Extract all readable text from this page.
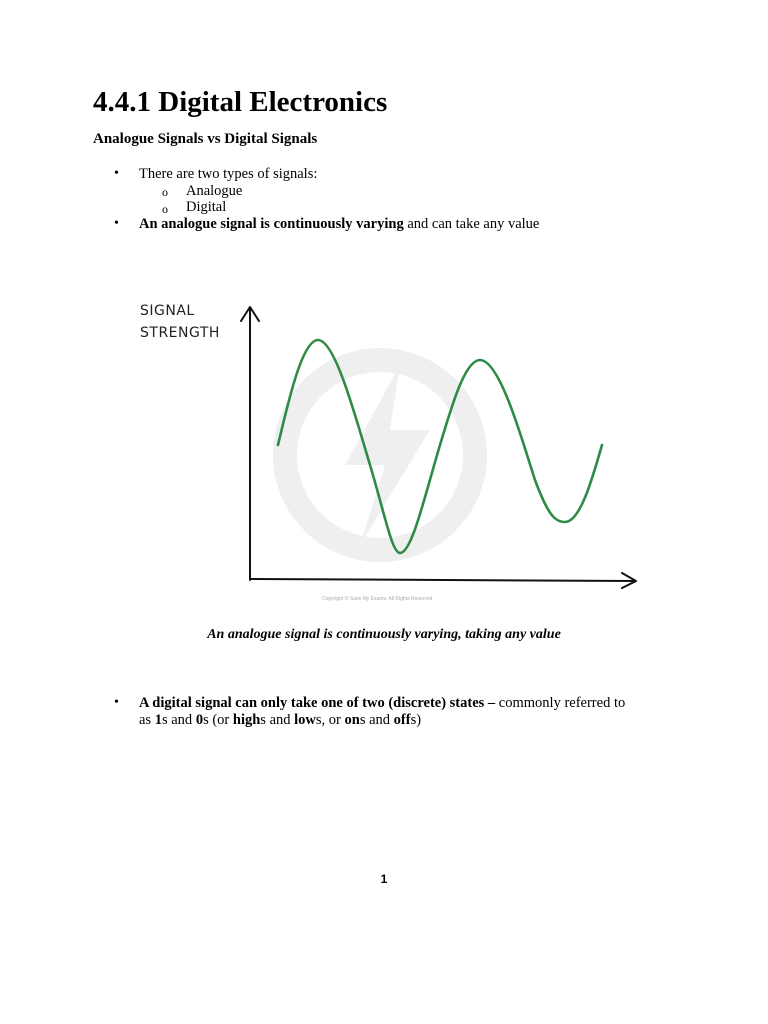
4.4.1 Digital Electronics
Analogue Signals vs Digital Signals
• There are two types of signals:
o Analogue
o Digital
• An analogue signal is continuously varying and can take any value
SIGNAL
STRENGTH
Copyright © Save My Exams. All Rights Reserved
An analogue signal is continuously varying, taking any value
• A digital signal can only take one of two (discrete) states – commonly referred to
as 1s and 0s (or highs and lows, or ons and offs)
1
